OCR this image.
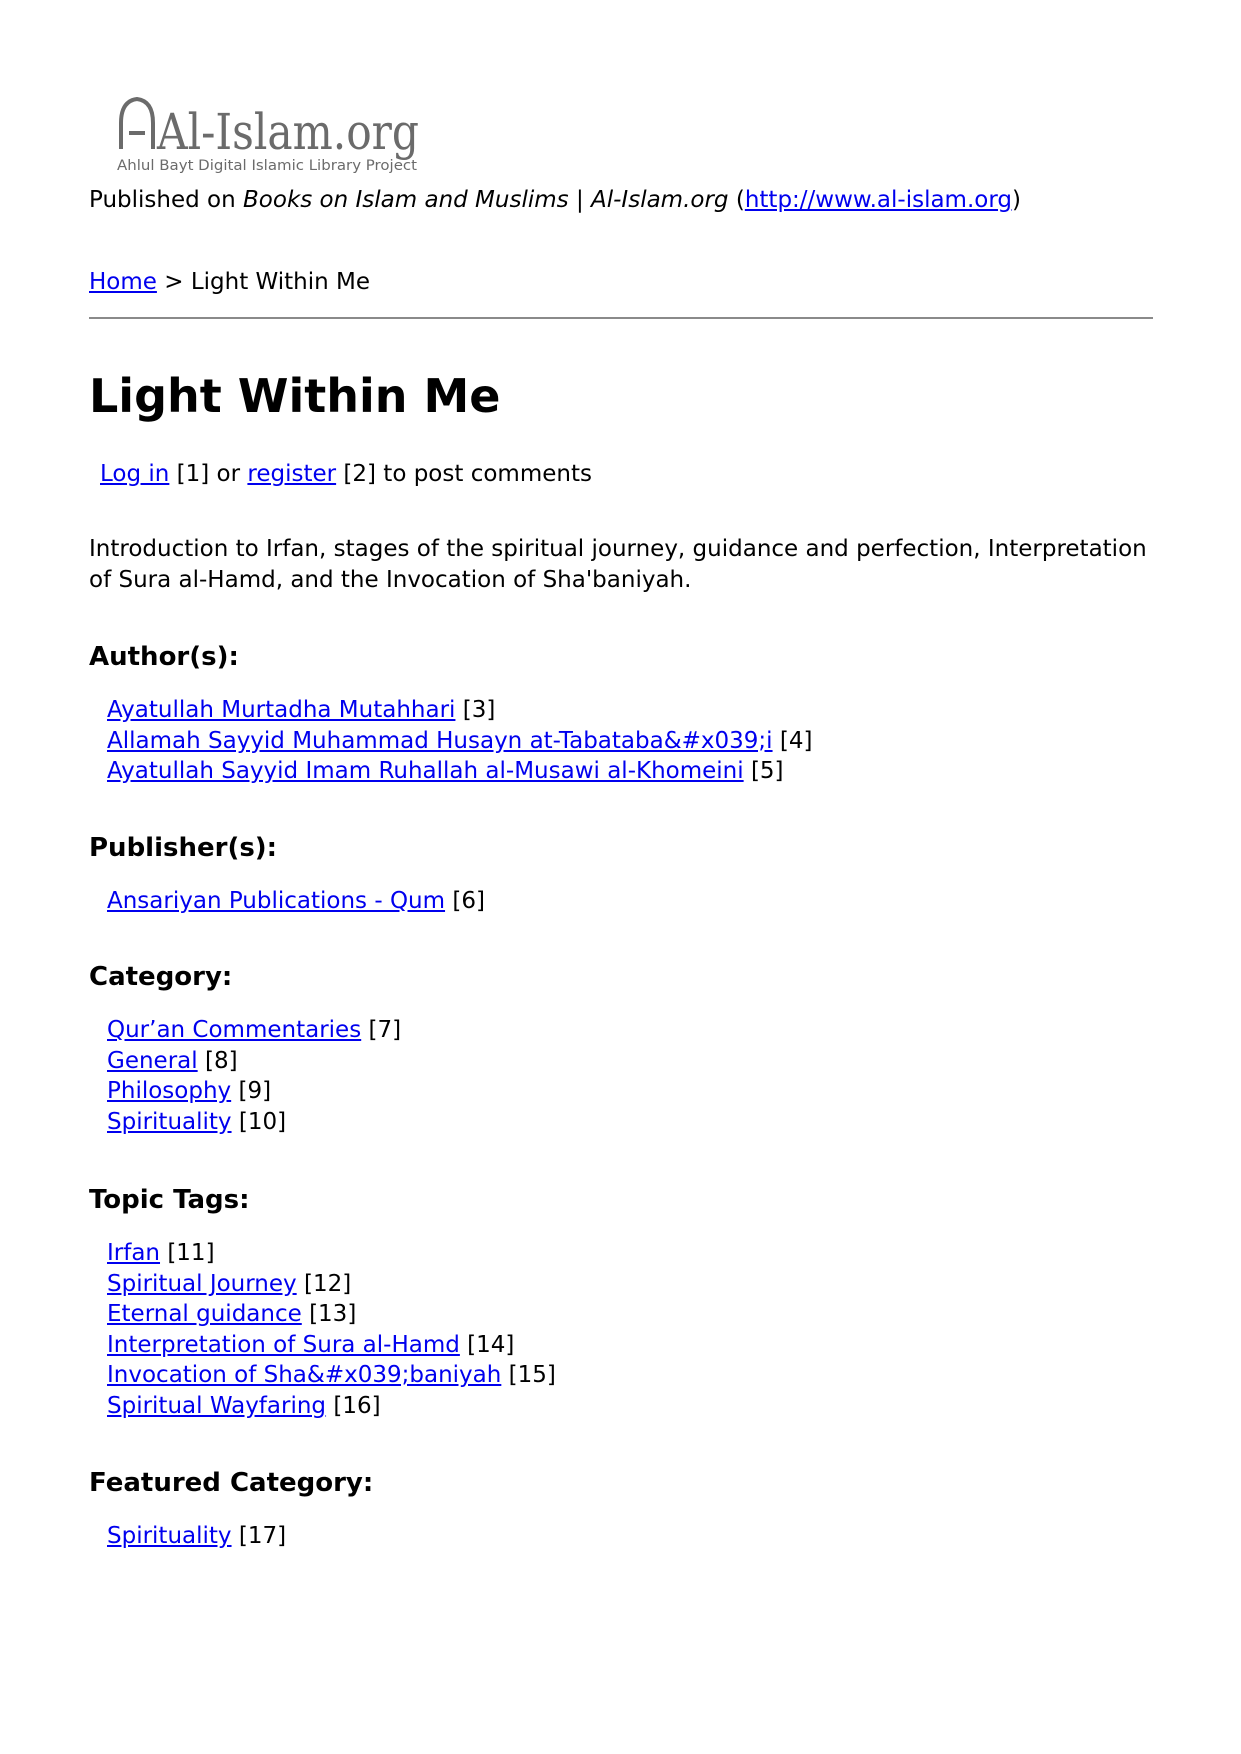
Al-Islam.org
Ahlul Bayt Digital Islamic Library Project
Published on Books on Islam and Muslims | Al-Islam.org (http://www.al-islam.org)
Home > Light Within Me
Light Within Me
Log in [1] or register [2] to post comments
Introduction to Irfan, stages of the spiritual journey, guidance and perfection, Interpretation of Sura al-Hamd, and the Invocation of Sha'baniyah.
Author(s):
Ayatullah Murtadha Mutahhari [3]
Allamah Sayyid Muhammad Husayn at-Tabataba&#x039;i [4]
Ayatullah Sayyid Imam Ruhallah al-Musawi al-Khomeini [5]
Publisher(s):
Ansariyan Publications - Qum [6]
Category:
Qur’an Commentaries [7]
General [8]
Philosophy [9]
Spirituality [10]
Topic Tags:
Irfan [11]
Spiritual Journey [12]
Eternal guidance [13]
Interpretation of Sura al-Hamd [14]
Invocation of Sha&#x039;baniyah [15]
Spiritual Wayfaring [16]
Featured Category:
Spirituality [17]
